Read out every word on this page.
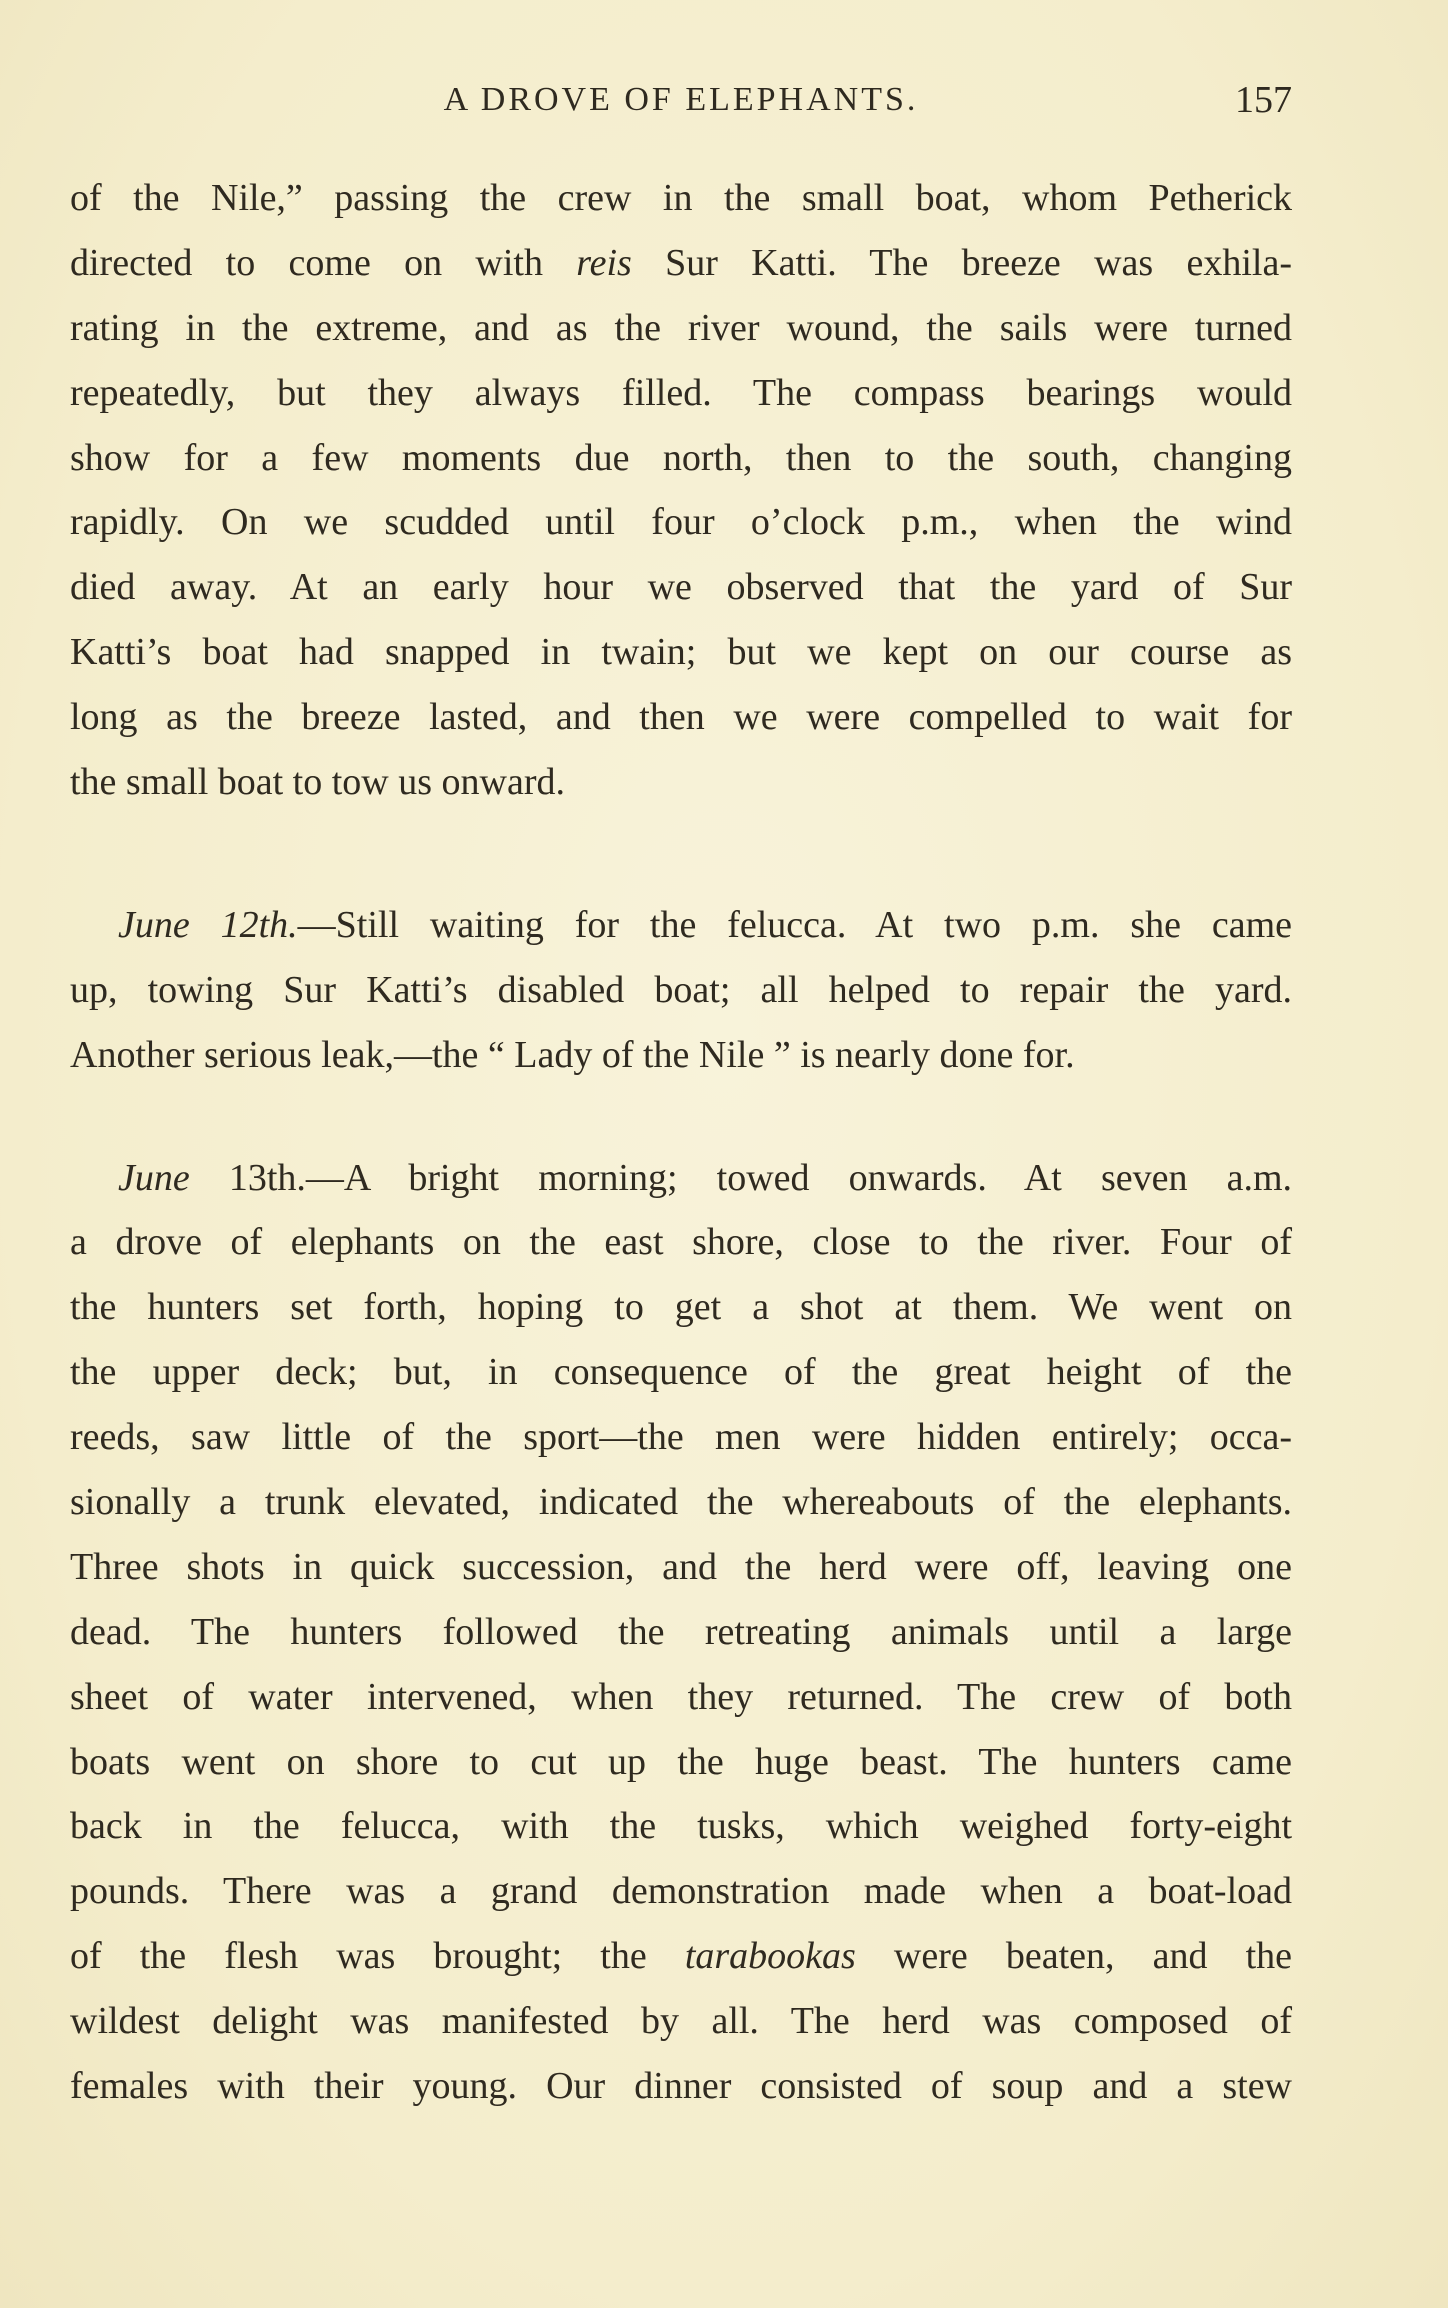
A DROVE OF ELEPHANTS.	157

of the Nile,” passing the crew in the small boat, whom Petherick

directed to come on with reis Sur Katti. The breeze was exhila-

rating in the extreme, and as the river wound, the sails were turned

repeatedly, but they always filled. The compass bearings would

show for a few moments due north, then to the south, changing

rapidly. On we scudded until four o’clock p.m., when the wind

died away. At an early hour we observed that the yard of Sur

Katti’s boat had snapped in twain; but we kept on our course as

long as the breeze lasted, and then we were compelled to wait for

the small boat to tow us onward.

June 12th.—Still waiting for the felucca. At two p.m. she came

up, towing Sur Katti’s disabled boat; all helped to repair the yard.

Another serious leak,—the “ Lady of the Nile ” is nearly done for.

June 13th.—A bright morning; towed onwards. At seven a.m.

a drove of elephants on the east shore, close to the river. Four of

the hunters set forth, hoping to get a shot at them. We went on

the upper deck; but, in consequence of the great height of the

reeds, saw little of the sport—the men were hidden entirely; occa-

sionally a trunk elevated, indicated the whereabouts of the elephants.

Three shots in quick succession, and the herd were off, leaving one

dead. The hunters followed the retreating animals until a large

sheet of water intervened, when they returned. The crew of both

boats went on shore to cut up the huge beast. The hunters came

back in the felucca, with the tusks, which weighed forty-eight

pounds. There was a grand demonstration made when a boat-load

of the flesh was brought; the tarabookas were beaten, and the

wildest delight was manifested by all. The herd was composed of

females with their young. Our dinner consisted of soup and a stew
